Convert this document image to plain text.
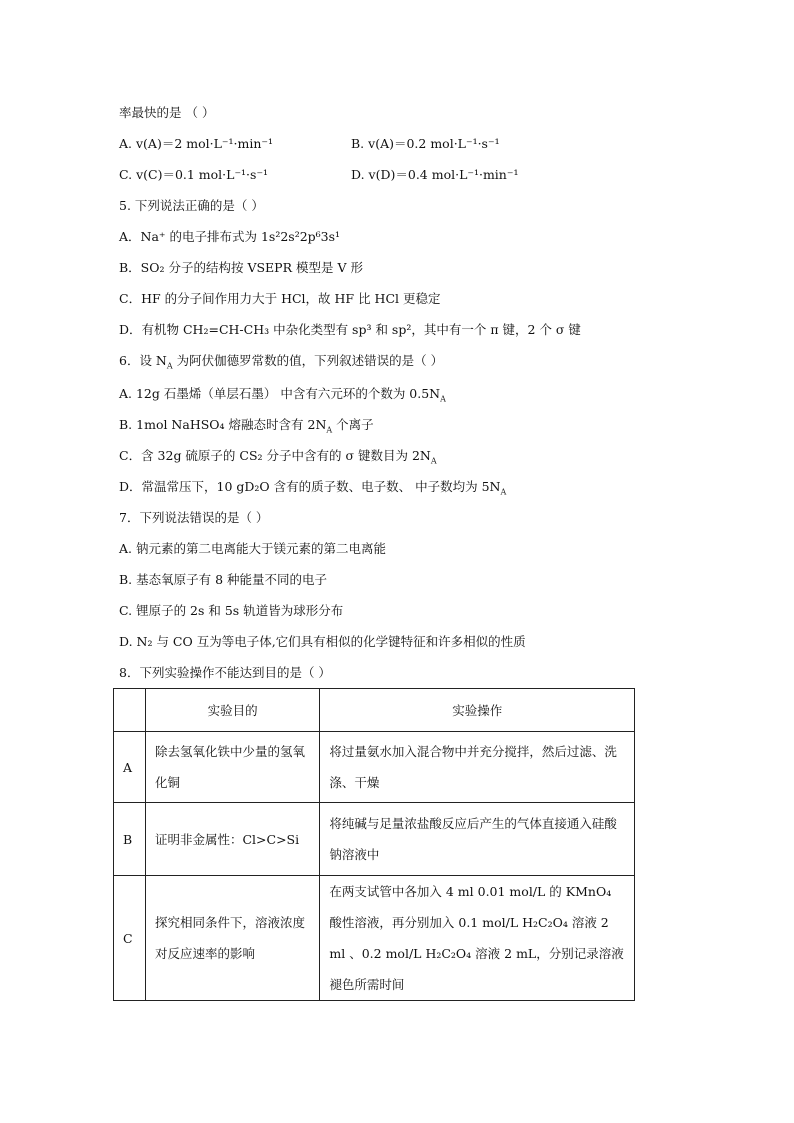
率最快的是 （ ）
A. v(A)＝2 mol·L⁻¹·min⁻¹	B. v(A)＝0.2 mol·L⁻¹·s⁻¹
C. v(C)＝0.1 mol·L⁻¹·s⁻¹	D. v(D)＝0.4 mol·L⁻¹·min⁻¹
5. 下列说法正确的是（ ）
A．Na⁺ 的电子排布式为 1s²2s²2p⁶3s¹
B．SO₂ 分子的结构按 VSEPR 模型是 V 形
C．HF 的分子间作用力大于 HCl，故 HF 比 HCl 更稳定
D．有机物 CH₂=CH-CH₃ 中杂化类型有 sp³ 和 sp²，其中有一个 π 键，2 个 σ 键
6．设 $N_A$ 为阿伏伽德罗常数的值，下列叙述错误的是（ ）
A. 12g 石墨烯（单层石墨） 中含有六元环的个数为 $0.5N_A$
B. 1mol NaHSO₄ 熔融态时含有 $2N_A$ 个离子
C．含 32g 硫原子的 CS₂ 分子中含有的 σ 键数目为 $2N_A$
D．常温常压下，10 gD₂O 含有的质子数、电子数、 中子数均为 $5N_A$
7．下列说法错误的是（ ）
A. 钠元素的第二电离能大于镁元素的第二电离能
B. 基态氧原子有 8 种能量不同的电子
C. 锂原子的 2s 和 5s 轨道皆为球形分布
D. N₂ 与 CO 互为等电子体,它们具有相似的化学键特征和许多相似的性质
8．下列实验操作不能达到目的是（ ）
	实验目的	实验操作
A	除去氢氧化铁中少量的氢氧化铜	将过量氨水加入混合物中并充分搅拌，然后过滤、洗涤、干燥
B	证明非金属性：Cl>C>Si	将纯碱与足量浓盐酸反应后产生的气体直接通入硅酸钠溶液中
C	探究相同条件下，溶液浓度对反应速率的影响	在两支试管中各加入 4 ml 0.01 mol/L 的 KMnO₄ 酸性溶液，再分别加入 0.1 mol/L H₂C₂O₄ 溶液 2 ml 、0.2 mol/L H₂C₂O₄ 溶液 2 mL，分别记录溶液褪色所需时间
